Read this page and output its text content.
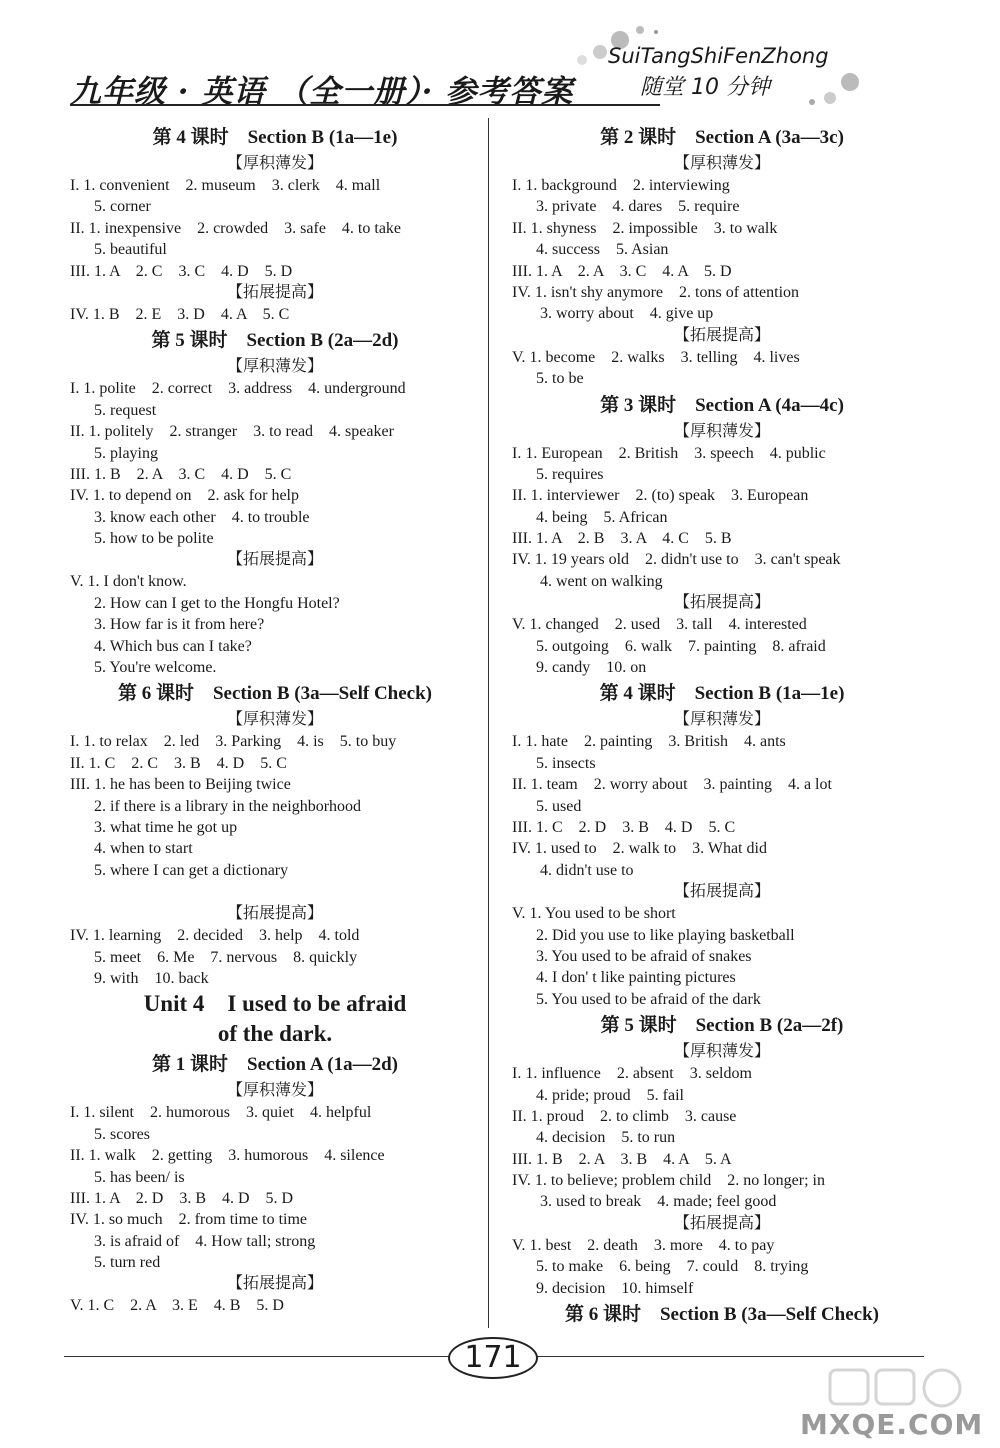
九年级 · 英语 （全一册）· 参考答案
SuiTangShiFenZhong
随堂 10 分钟
第 4 课时　Section B (1a—1e)
【厚积薄发】
I. 1. convenient　2. museum　3. clerk　4. mall
5. corner
II. 1. inexpensive　2. crowded　3. safe　4. to take
5. beautiful
III. 1. A　2. C　3. C　4. D　5. D
【拓展提高】
IV. 1. B　2. E　3. D　4. A　5. C
第 5 课时　Section B (2a—2d)
【厚积薄发】
I. 1. polite　2. correct　3. address　4. underground
5. request
II. 1. politely　2. stranger　3. to read　4. speaker
5. playing
III. 1. B　2. A　3. C　4. D　5. C
IV. 1. to depend on　2. ask for help
3. know each other　4. to trouble
5. how to be polite
【拓展提高】
V. 1. I don't know.
2. How can I get to the Hongfu Hotel?
3. How far is it from here?
4. Which bus can I take?
5. You're welcome.
第 6 课时　Section B (3a—Self Check)
【厚积薄发】
I. 1. to relax　2. led　3. Parking　4. is　5. to buy
II. 1. C　2. C　3. B　4. D　5. C
III. 1. he has been to Beijing twice
2. if there is a library in the neighborhood
3. what time he got up
4. when to start
5. where I can get a dictionary
【拓展提高】
IV. 1. learning　2. decided　3. help　4. told
5. meet　6. Me　7. nervous　8. quickly
9. with　10. back
Unit 4　I used to be afraid
of the dark.
第 1 课时　Section A (1a—2d)
【厚积薄发】
I. 1. silent　2. humorous　3. quiet　4. helpful
5. scores
II. 1. walk　2. getting　3. humorous　4. silence
5. has been/ is
III. 1. A　2. D　3. B　4. D　5. D
IV. 1. so much　2. from time to time
3. is afraid of　4. How tall; strong
5. turn red
【拓展提高】
V. 1. C　2. A　3. E　4. B　5. D
第 2 课时　Section A (3a—3c)
【厚积薄发】
I. 1. background　2. interviewing
3. private　4. dares　5. require
II. 1. shyness　2. impossible　3. to walk
4. success　5. Asian
III. 1. A　2. A　3. C　4. A　5. D
IV. 1. isn't shy anymore　2. tons of attention
3. worry about　4. give up
【拓展提高】
V. 1. become　2. walks　3. telling　4. lives
5. to be
第 3 课时　Section A (4a—4c)
【厚积薄发】
I. 1. European　2. British　3. speech　4. public
5. requires
II. 1. interviewer　2. (to) speak　3. European
4. being　5. African
III. 1. A　2. B　3. A　4. C　5. B
IV. 1. 19 years old　2. didn't use to　3. can't speak
4. went on walking
【拓展提高】
V. 1. changed　2. used　3. tall　4. interested
5. outgoing　6. walk　7. painting　8. afraid
9. candy　10. on
第 4 课时　Section B (1a—1e)
【厚积薄发】
I. 1. hate　2. painting　3. British　4. ants
5. insects
II. 1. team　2. worry about　3. painting　4. a lot
5. used
III. 1. C　2. D　3. B　4. D　5. C
IV. 1. used to　2. walk to　3. What did
4. didn't use to
【拓展提高】
V. 1. You used to be short
2. Did you use to like playing basketball
3. You used to be afraid of snakes
4. I don' t like painting pictures
5. You used to be afraid of the dark
第 5 课时　Section B (2a—2f)
【厚积薄发】
I. 1. influence　2. absent　3. seldom
4. pride; proud　5. fail
II. 1. proud　2. to climb　3. cause
4. decision　5. to run
III. 1. B　2. A　3. B　4. A　5. A
IV. 1. to believe; problem child　2. no longer; in
3. used to break　4. made; feel good
【拓展提高】
V. 1. best　2. death　3. more　4. to pay
5. to make　6. being　7. could　8. trying
9. decision　10. himself
第 6 课时　Section B (3a—Self Check)
171
MXQE.COM
